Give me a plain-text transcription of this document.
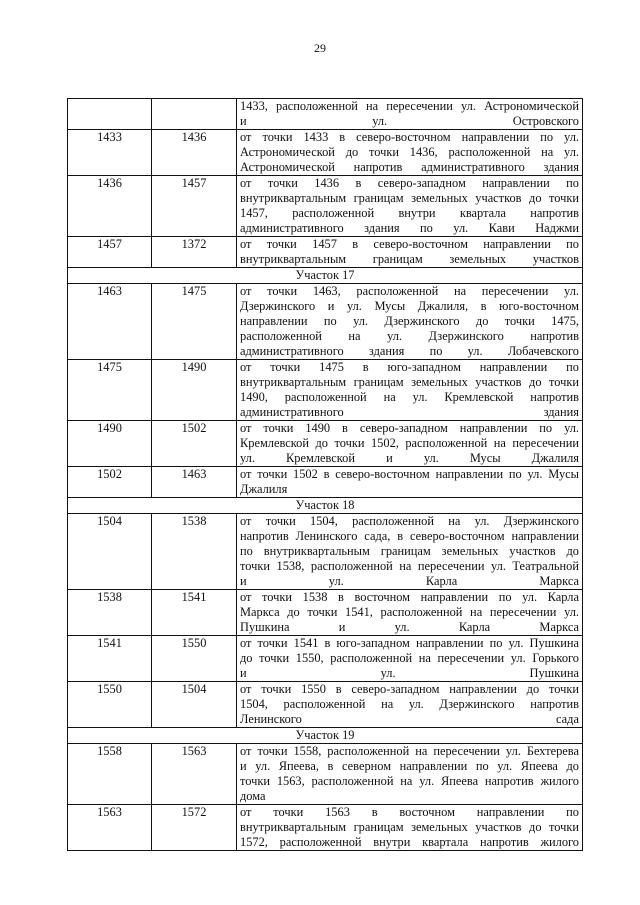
29

		1433, расположенной на пересечении ул. Астрономической
и ул. Островского

1433	1436	от точки 1433 в северо-восточном направлении по ул.
Астрономической до точки 1436, расположенной на ул.
Астрономической напротив административного здания

1436	1457	от точки 1436 в северо-западном направлении по
внутриквартальным границам земельных участков до точки
1457, расположенной внутри квартала напротив
административного здания по ул. Кави Наджми

1457	1372	от точки 1457 в северо-восточном направлении по
внутриквартальным границам земельных участков

Участок 17		
1463	1475	от точки 1463, расположенной на пересечении ул.
Дзержинского и ул. Мусы Джалиля, в юго-восточном
направлении по ул. Дзержинского до точки 1475,
расположенной на ул. Дзержинского напротив
административного здания по ул. Лобачевского

1475	1490	от точки 1475 в юго-западном направлении по
внутриквартальным границам земельных участков до точки
1490, расположенной на ул. Кремлевской напротив
административного здания

1490	1502	от точки 1490 в северо-западном направлении по ул.
Кремлевской до точки 1502, расположенной на пересечении
ул. Кремлевской и ул. Мусы Джалиля

1502	1463	от точки 1502 в северо-восточном направлении по ул. Мусы
Джалиля

Участок 18		
1504	1538	от точки 1504, расположенной на ул. Дзержинского
напротив Ленинского сада, в северо-восточном направлении
по внутриквартальным границам земельных участков до
точки 1538, расположенной на пересечении ул. Театральной
и ул. Карла Маркса

1538	1541	от точки 1538 в восточном направлении по ул. Карла
Маркса до точки 1541, расположенной на пересечении ул.
Пушкина и ул. Карла Маркса

1541	1550	от точки 1541 в юго-западном направлении по ул. Пушкина
до точки 1550, расположенной на пересечении ул. Горького
и ул. Пушкина

1550	1504	от точки 1550 в северо-западном направлении до точки
1504, расположенной на ул. Дзержинского напротив
Ленинского сада

Участок 19		
1558	1563	от точки 1558, расположенной на пересечении ул. Бехтерева
и ул. Япеева, в северном направлении по ул. Япеева до
точки 1563, расположенной на ул. Япеева напротив жилого
дома

1563	1572	от точки 1563 в восточном направлении по
внутриквартальным границам земельных участков до точки
1572, расположенной внутри квартала напротив жилого
